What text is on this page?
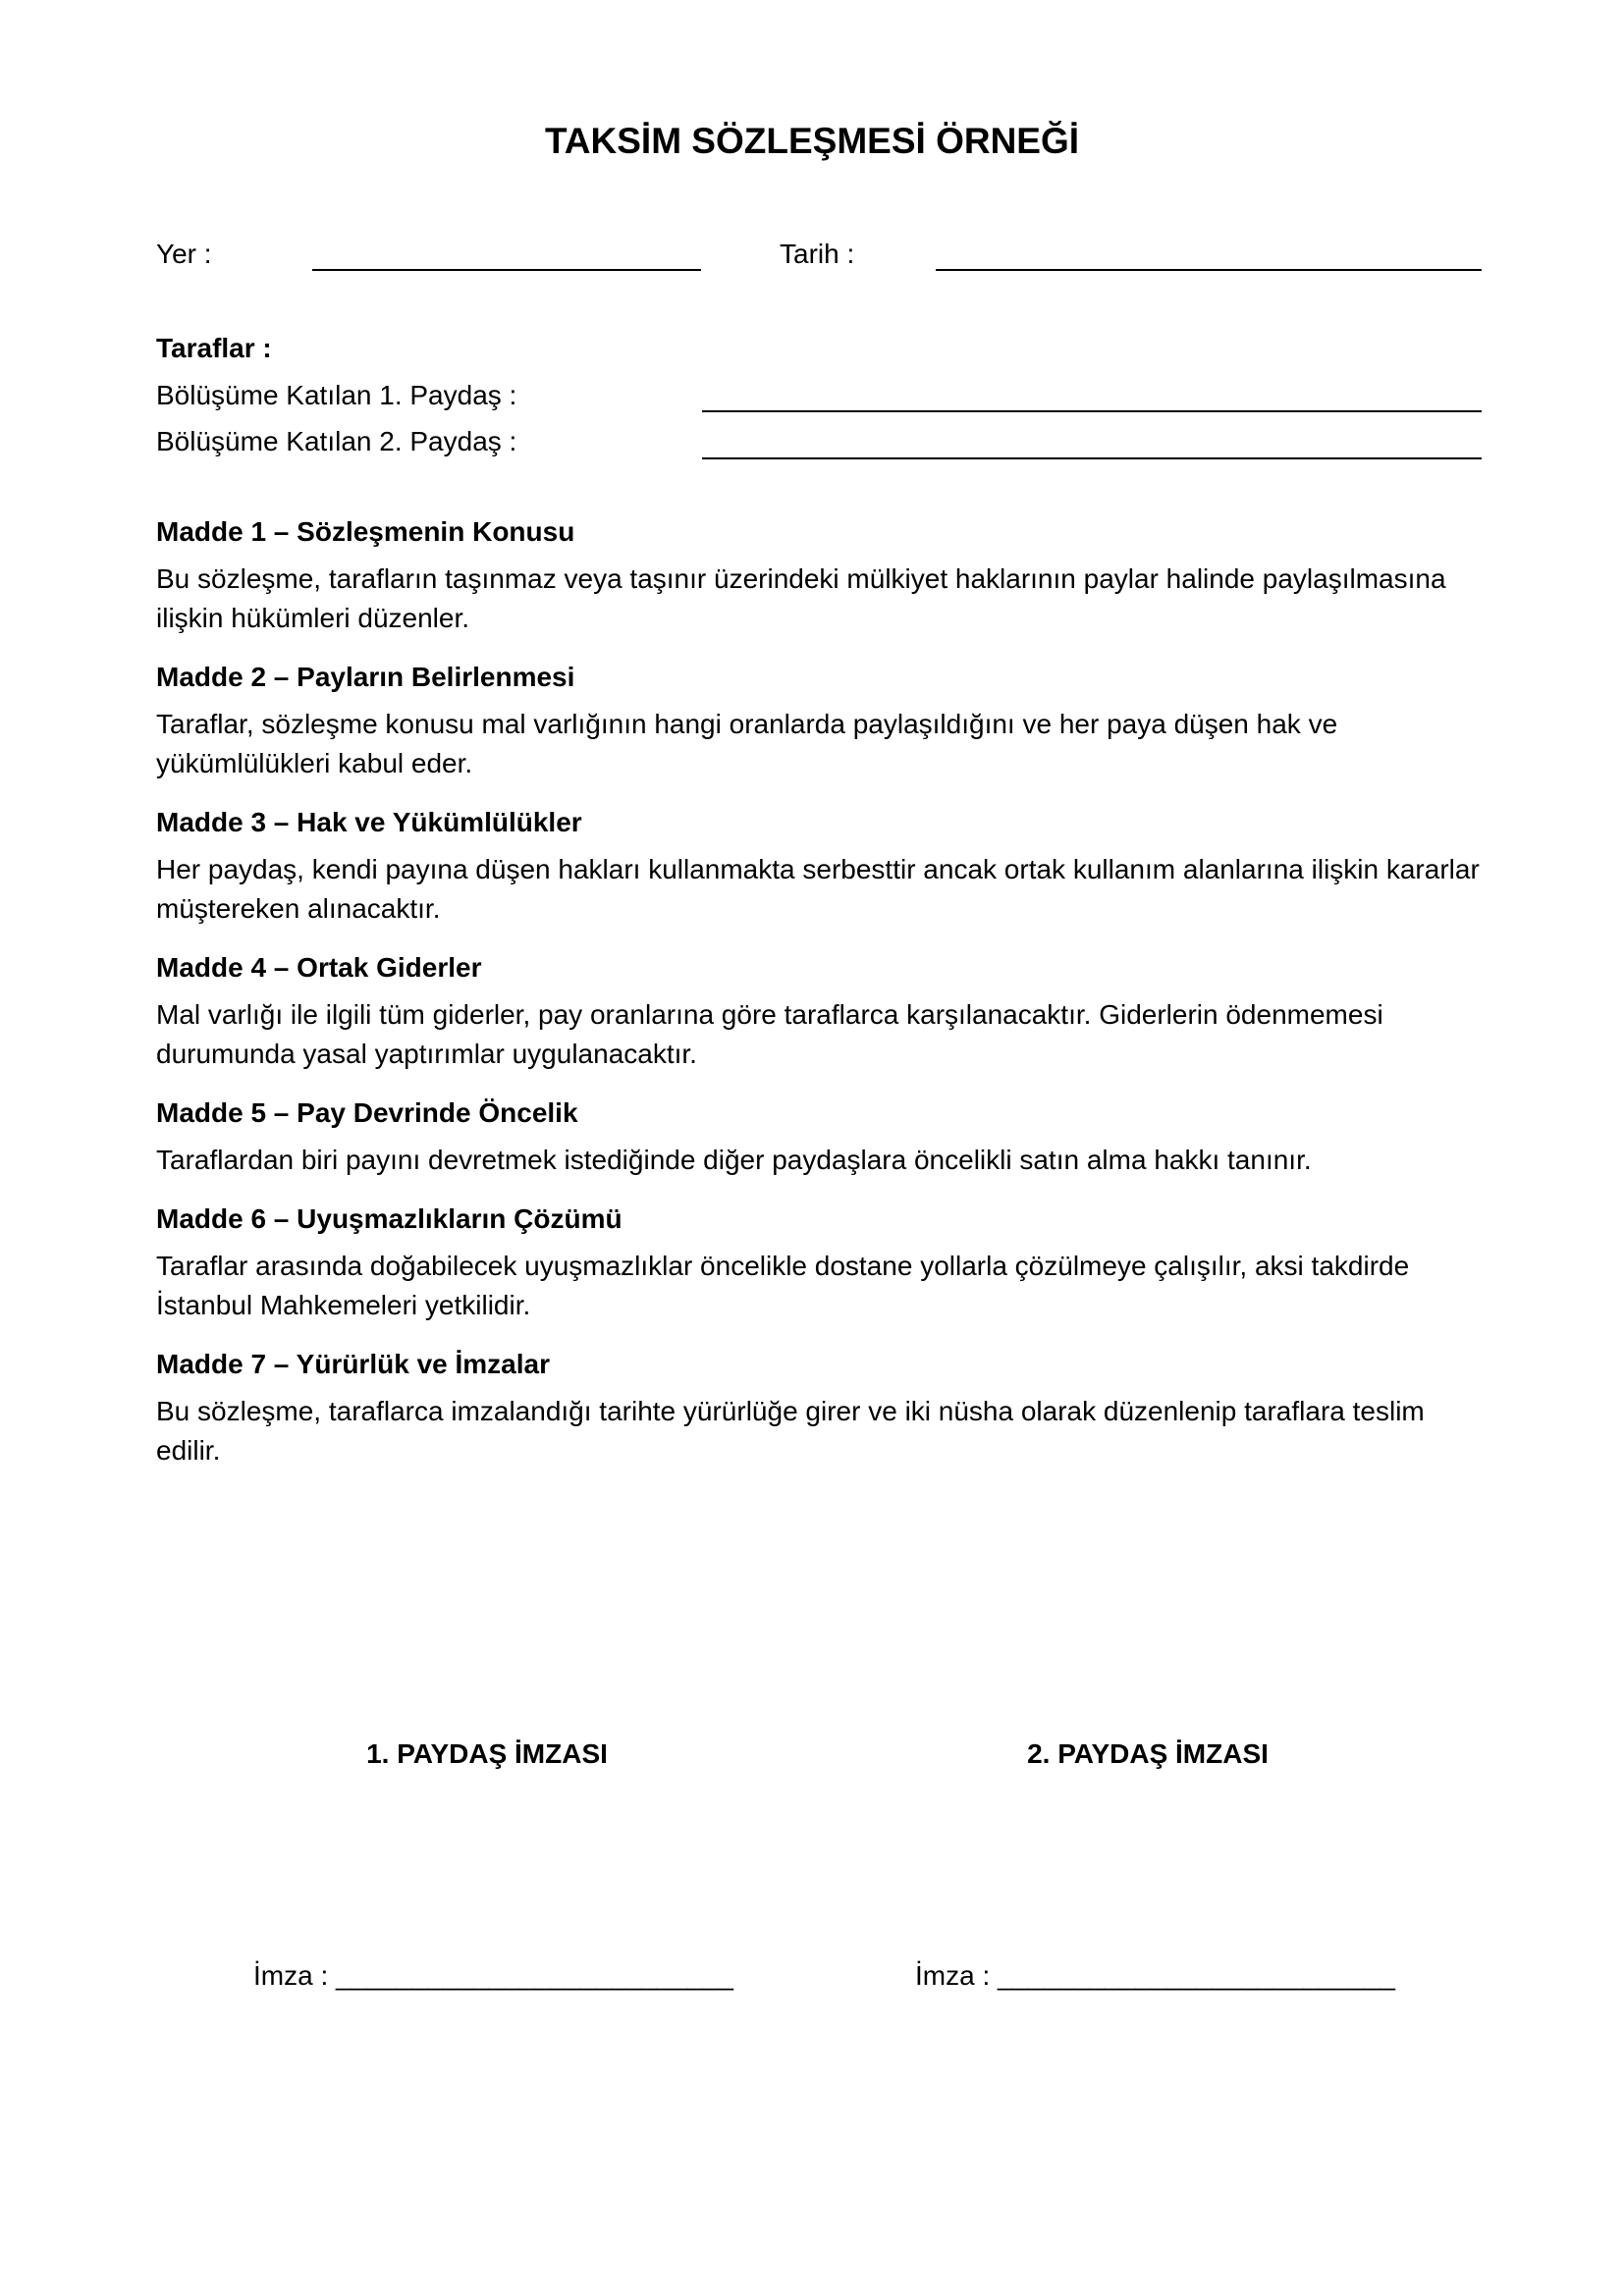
TAKSİM SÖZLEŞMESİ ÖRNEĞİ
Yer :	Tarih :
Taraflar :
Bölüşüme Katılan 1. Paydaş :
Bölüşüme Katılan 2. Paydaş :

Madde 1 – Sözleşmenin Konusu

Bu sözleşme, tarafların taşınmaz veya taşınır üzerindeki mülkiyet haklarının paylar halinde paylaşılmasına ilişkin hükümleri düzenler.

Madde 2 – Payların Belirlenmesi

Taraflar, sözleşme konusu mal varlığının hangi oranlarda paylaşıldığını ve her paya düşen hak ve yükümlülükleri kabul eder.

Madde 3 – Hak ve Yükümlülükler

Her paydaş, kendi payına düşen hakları kullanmakta serbesttir ancak ortak kullanım alanlarına ilişkin kararlar müştereken alınacaktır.

Madde 4 – Ortak Giderler

Mal varlığı ile ilgili tüm giderler, pay oranlarına göre taraflarca karşılanacaktır. Giderlerin ödenmemesi durumunda yasal yaptırımlar uygulanacaktır.

Madde 5 – Pay Devrinde Öncelik

Taraflardan biri payını devretmek istediğinde diğer paydaşlara öncelikli satın alma hakkı tanınır.

Madde 6 – Uyuşmazlıkların Çözümü

Taraflar arasında doğabilecek uyuşmazlıklar öncelikle dostane yollarla çözülmeye çalışılır, aksi takdirde İstanbul Mahkemeleri yetkilidir.

Madde 7 – Yürürlük ve İmzalar

Bu sözleşme, taraflarca imzalandığı tarihte yürürlüğe girer ve iki nüsha olarak düzenlenip taraflara teslim edilir.

1. PAYDAŞ İMZASI	2. PAYDAŞ İMZASI
İmza : __________________________	İmza : __________________________
